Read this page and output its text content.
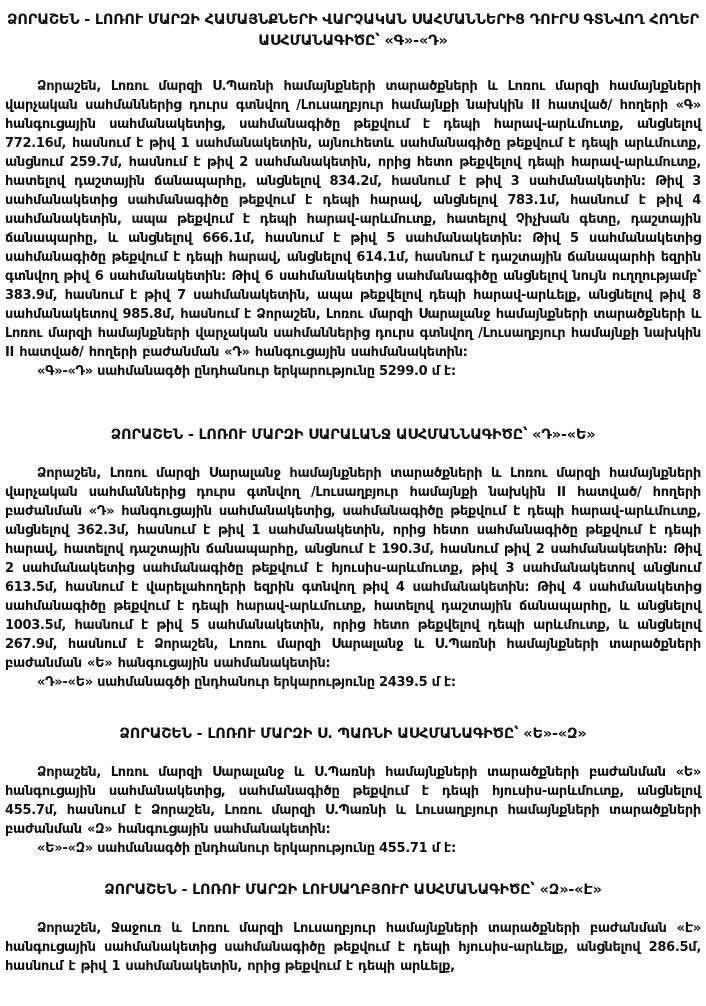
ՁՈՐԱՇԵՆ - ԼՈՌՈՒ ՄԱՐԶԻ ՀԱՄԱՅՆՔՆԵՐԻ ՎԱՐՉԱԿԱՆ ՍԱՀՄԱՆՆԵՐԻՑ ԴՈՒՐՍ ԳՏՆՎՈՂ ՀՈՂԵՐ ԱՍՀՄԱՆԱԳԻԾԸ՝ «Գ»-«Դ»

Ձորաշեն, Լոռու մարզի Ս.Պառնի համայնքների տարածքների և Լոռու մարզի համայնքների վարչական սահմաններից դուրս գտնվող /Լուսաղբյուր համայնքի նախկին II հատված/ հողերի «Գ» հանգուցային սահմանակետից, սահմանագիծը թեքվում է դեպի հարավ-արևմուտք, անցնելով 772.16մ, հասնում է թիվ 1 սահմանակետին, այնուհետև սահմանագիծը թեքվում է դեպի արևմուտք, անցնում 259.7մ, հասնում է թիվ 2 սահմանակետին, որից հետո թեքվելով դեպի հարավ-արևմուտք, հատելով դաշտային ճանապարհը, անցնելով 834.2մ, հասնում է թիվ 3 սահմանակետին: Թիվ 3 սահմանակետից սահմանագիծը թեքվում է դեպի հարավ, անցնելով 783.1մ, հասնում է թիվ 4 սահմանակետին, ապա թեքվում է դեպի հարավ-արևմուտք, հատելով Չիչխան գետը, դաշտային ճանապարհը, և անցնելով 666.1մ, հասնում է թիվ 5 սահմանակետին: Թիվ 5 սահմանակետից սահմանագիծը թեքվում է դեպի հարավ, անցնելով 614.1մ, հասնում է դաշտային ճանապարհի եզրին գտնվող թիվ 6 սահմանակետին: Թիվ 6 սահմանակետից սահմանագիծը անցնելով նույն ուղղությամբ՝ 383.9մ, հասնում է թիվ 7 սահմանակետին, ապա թեքվելով դեպի հարավ-արևելք, անցնելով թիվ 8 սահմանակետով 985.8մ, հասնում է Ձորաշեն, Լոռու մարզի Սարալանջ համայնքների տարածքների և Լոռու մարզի համայնքների վարչական սահմաններից դուրս գտնվող /Լուսաղբյուր համայնքի նախկին II հատված/ հողերի բաժանման «Դ» հանգուցային սահմանակետին:

«Գ»-«Դ» սահմանագծի ընդհանուր երկարությունը 5299.0 մ է:

ՁՈՐԱՇԵՆ - ԼՈՌՈՒ ՄԱՐԶԻ ՍԱՐԱԼԱՆՋ ԱՍՀՄԱՆՆԱԳԻԾԸ՝ «Դ»-«Ե»

Ձորաշեն, Լոռու մարզի Սարալանջ համայնքների տարածքների և Լոռու մարզի համայնքների վարչական սահմաններից դուրս գտնվող /Լուսաղբյուր համայնքի նախկին II հատված/ հողերի բաժանման «Դ» հանգուցային սահմանակետից, սահմանագիծը թեքվում է դեպի հարավ-արևմուտք, անցնելով 362.3մ, հասնում է թիվ 1 սահմանակետին, որից հետո սահմանագիծը թեքվում է դեպի հարավ, հատելով դաշտային ճանապարհը, անցնում է 190.3մ, հասնում թիվ 2 սահմանակետին: Թիվ 2 սահմանակետից սահմանագիծը թեքվում է հյուսիս-արևմուտք, թիվ 3 սահմանակետով անցնում 613.5մ, հասնում է վարելահողերի եզրին գտնվող թիվ 4 սահմանակետին: Թիվ 4 սահմանակետից սահմանագիծը թեքվում է դեպի հարավ-արևմուտք, հատելով դաշտային ճանապարհը, և անցնելով 1003.5մ, հասնում է թիվ 5 սահմանակետին, որից հետո թեքվելով դեպի արևմուտք, և անցնելով 267.9մ, հասնում է Ձորաշեն, Լոռու մարզի Սարալանջ և Ս.Պառնի համայնքների տարածքների բաժանման «Ե» հանգուցային սահմանակետին:

«Դ»-«Ե» սահմանագծի ընդհանուր երկարությունը 2439.5 մ է:

ՁՈՐԱՇԵՆ - ԼՈՌՈՒ ՄԱՐԶԻ Ս. ՊԱՌՆԻ ԱՍՀՄԱՆԱԳԻԾԸ՝ «Ե»-«Զ»

Ձորաշեն, Լոռու մարզի Սարալանջ և Ս.Պառնի համայնքների տարածքների բաժանման «Ե» հանգուցային սահմանակետից, սահմանագիծը թեքվում է դեպի հյուսիս-արևմուտք, անցնելով 455.7մ, հասնում է Ձորաշեն, Լոռու մարզի Ս.Պառնի և Լուսաղբյուր համայնքների տարածքների բաժանման «Զ» հանգուցային սահմանակետին:

«Ե»-«Զ» սահմանագծի ընդհանուր երկարությունը 455.71 մ է:

ՁՈՐԱՇԵՆ - ԼՈՌՈՒ ՄԱՐԶԻ ԼՈՒՍԱՂԲՅՈՒՐ ԱՍՀՄԱՆԱԳԻԾԸ՝ «Զ»-«Է»

Ձորաշեն, Ջաջուռ և Լոռու մարզի Լուսաղբյուր համայնքների տարածքների բաժանման «Է» հանգուցային սահմանակետից սահմանագիծը թեքվում է դեպի հյուսիս-արևելք, անցնելով 286.5մ, հասնում է թիվ 1 սահմանակետին, որից թեքվում է դեպի արևելք,
